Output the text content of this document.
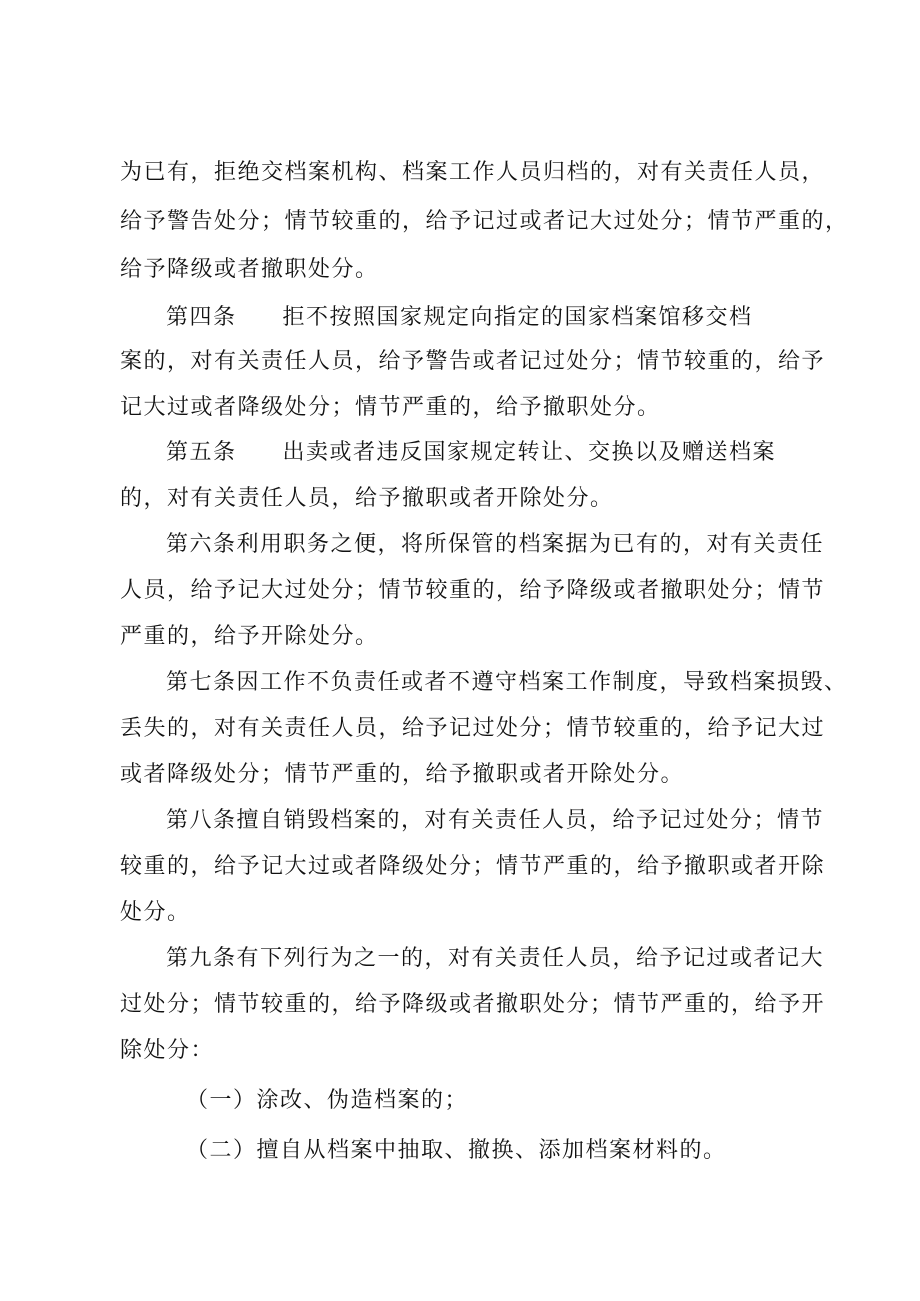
为已有，拒绝交档案机构、档案工作人员归档的，对有关责任人员，
给予警告处分；情节较重的，给予记过或者记大过处分；情节严重的，
给予降级或者撤职处分。
第四条 拒不按照国家规定向指定的国家档案馆移交档
案的，对有关责任人员，给予警告或者记过处分；情节较重的，给予
记大过或者降级处分；情节严重的，给予撤职处分。
第五条 出卖或者违反国家规定转让、交换以及赠送档案
的，对有关责任人员，给予撤职或者开除处分。
第六条利用职务之便，将所保管的档案据为已有的，对有关责任
人员，给予记大过处分；情节较重的，给予降级或者撤职处分；情节
严重的，给予开除处分。
第七条因工作不负责任或者不遵守档案工作制度，导致档案损毁、
丢失的，对有关责任人员，给予记过处分；情节较重的，给予记大过
或者降级处分；情节严重的，给予撤职或者开除处分。
第八条擅自销毁档案的，对有关责任人员，给予记过处分；情节
较重的，给予记大过或者降级处分；情节严重的，给予撤职或者开除
处分。
第九条有下列行为之一的，对有关责任人员，给予记过或者记大
过处分；情节较重的，给予降级或者撤职处分；情节严重的，给予开
除处分：
（一）涂改、伪造档案的；
（二）擅自从档案中抽取、撤换、添加档案材料的。
